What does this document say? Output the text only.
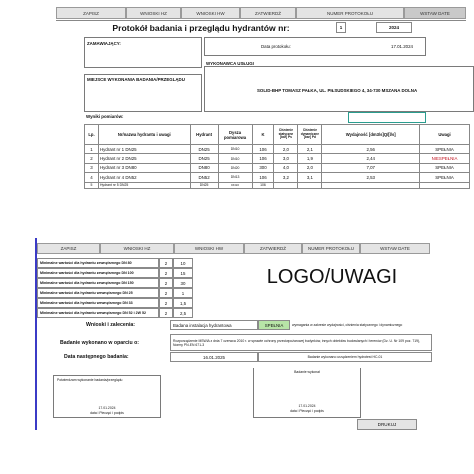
ZAPISZ	WNIOSKI HZ	WNIOSKI HW	ZATWIERDŹ	NUMER PROTOKOŁU	WSTAW DATE
Protokół badania i przeglądu hydrantów nr:	1	2024
ZAMAWIAJĄCY:
Data protokołu:	17.01.2024
WYKONAWCA USŁUGI
MIEJSCE WYKONANIA BADANIA/PRZEGLĄDU
SOLID-BHP TOMASZ PAŁKA, UL. PIŁSUDSKIEGO 4, 34-730 MSZANA DOLNA
Wyniki pomiarów:
Lp.	Nr/nazwa hydrantu i uwagi	Hydrant	Dysza pomiarowa	K	Ciśnienie statyczne [bar] Ps	Ciśnienie dynamiczne [bar] Pd	Wydajność [dm3/s]Q/[l/s]	Uwagi
1	Hydrant nr 1 DN25	DN25	DN10	106	2,0	2,1	2,56	SPEŁNIA
2	Hydrant nr 2 DN25	DN25	DN10	106	3,0	1,9	2,44	NIESPEŁNIA
3	Hydrant nr 3 DN80	DN80	DN20	300	4,0	2,0	7,07	SPEŁNIA
4	Hydrant nr 4 DN52	DN52	DN13	106	3,2	3,1	2,53	SPEŁNIA
5	Hydrant nr 5 DN25	DN25	DN10	106				
ZAPISZ	WNIOSKI HZ	WNIOSKI HW	ZATWIERDŹ	NUMER PROTOKOŁU	WSTAW DATE
Minimalne wartości dla hydrantu zewnętrznego DN 80	2	10
Minimalne wartości dla hydrantu zewnętrznego DN 100	2	15
Minimalne wartości dla hydrantu zewnętrznego DN 150	2	30
Minimalne wartości dla hydrantu wewnętrznego DN 25	2	1
Minimalne wartości dla hydrantu wewnętrznego DN 33	2	1,5
Minimalne wartości dla hydrantu wewnętrznego DN 52 i 2W 52	2	2,5
LOGO/UWAGI
Wnioski i zalecenia:	Badana instalacja hydrantowa	SPEŁNIA	wymagania w zakresie wydajności, ciśnienia statycznego i dynamicznego
Badanie wykonano w oparciu o:	Rozporządzenie MSWiA z dnia 7 czerwca 2010 r. w sprawie ochrony przeciwpożarowej budynków, innych obiektów budowlanych i terenów (Dz. U. Nr 109 poz. 719), Normy PN-EN 671-3
Data następnego badania:	16.01.2025	Badanie wykonano urządzeniem hydrotest HC-01
Potwierdzam wykonanie badania/przeglądu
17.01.2024
data i Pieczęć i podpis
Badanie wykonał
17.01.2024
data i Pieczęć i podpis
DRUKUJ
